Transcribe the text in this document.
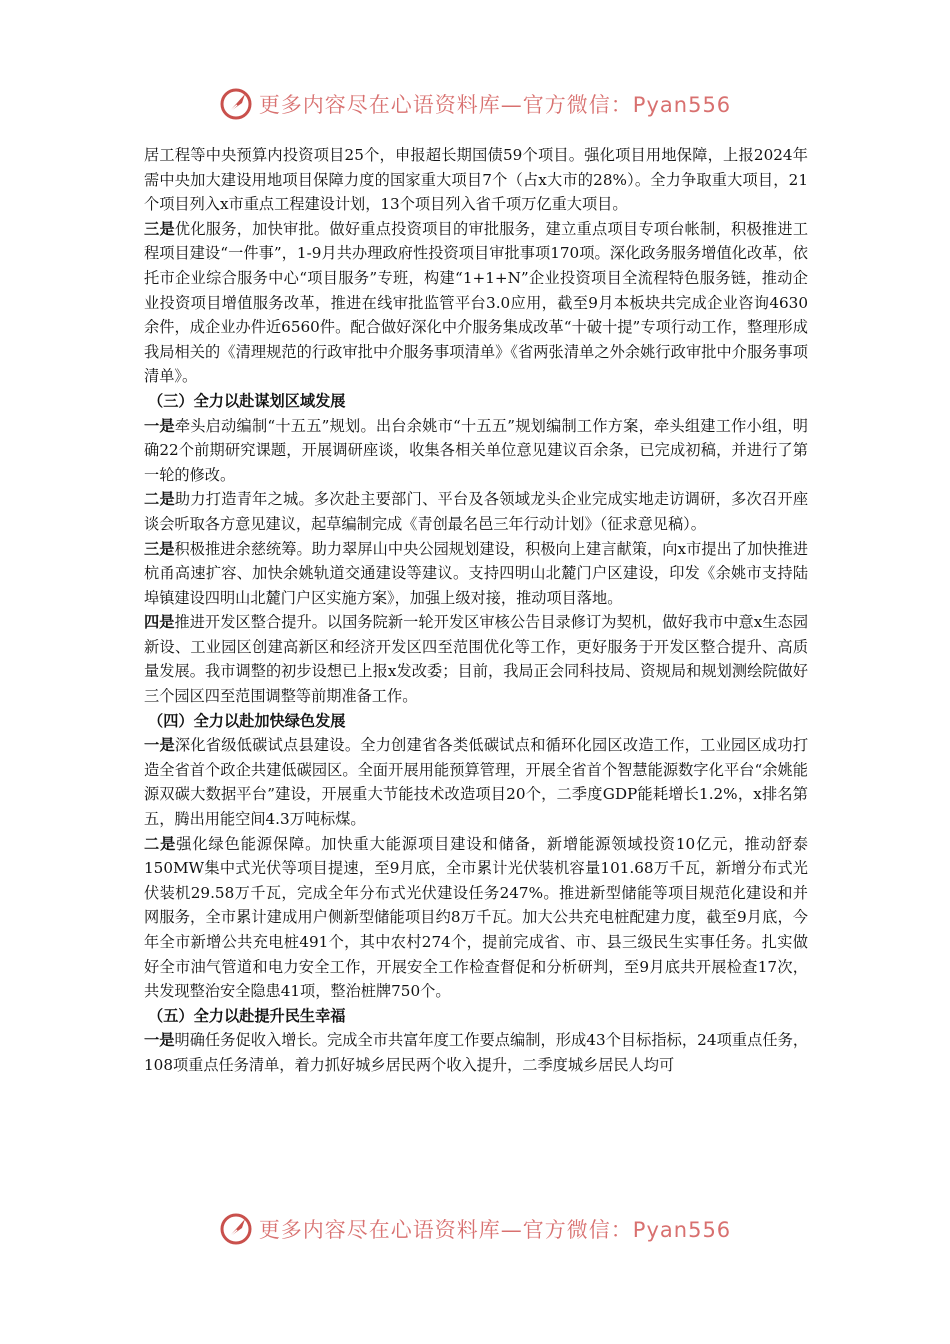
更多内容尽在心语资料库—官方微信：Pyan556

居工程等中央预算内投资项目25个，申报超长期国债59个项目。强化项目用地保障，上报2024年需中央加大建设用地项目保障力度的国家重大项目7个（占x大市的28%）。全力争取重大项目，21个项目列入x市重点工程建设计划，13个项目列入省千项万亿重大项目。

三是优化服务，加快审批。做好重点投资项目的审批服务，建立重点项目专项台帐制，积极推进工程项目建设“一件事”，1-9月共办理政府性投资项目审批事项170项。深化政务服务增值化改革，依托市企业综合服务中心“项目服务”专班，构建“1+1+N”企业投资项目全流程特色服务链，推动企业投资项目增值服务改革，推进在线审批监管平台3.0应用，截至9月本板块共完成企业咨询4630余件，成企业办件近6560件。配合做好深化中介服务集成改革“十破十提”专项行动工作，整理形成我局相关的《清理规范的行政审批中介服务事项清单》《省两张清单之外余姚行政审批中介服务事项清单》。

（三）全力以赴谋划区域发展

一是牵头启动编制“十五五”规划。出台余姚市“十五五”规划编制工作方案，牵头组建工作小组，明确22个前期研究课题，开展调研座谈，收集各相关单位意见建议百余条，已完成初稿，并进行了第一轮的修改。

二是助力打造青年之城。多次赴主要部门、平台及各领域龙头企业完成实地走访调研，多次召开座谈会听取各方意见建议，起草编制完成《青创最名邑三年行动计划》（征求意见稿）。

三是积极推进余慈统筹。助力翠屏山中央公园规划建设，积极向上建言献策，向x市提出了加快推进杭甬高速扩容、加快余姚轨道交通建设等建议。支持四明山北麓门户区建设，印发《余姚市支持陆埠镇建设四明山北麓门户区实施方案》，加强上级对接，推动项目落地。

四是推进开发区整合提升。以国务院新一轮开发区审核公告目录修订为契机，做好我市中意x生态园新设、工业园区创建高新区和经济开发区四至范围优化等工作，更好服务于开发区整合提升、高质量发展。我市调整的初步设想已上报x发改委；目前，我局正会同科技局、资规局和规划测绘院做好三个园区四至范围调整等前期准备工作。

（四）全力以赴加快绿色发展

一是深化省级低碳试点县建设。全力创建省各类低碳试点和循环化园区改造工作，工业园区成功打造全省首个政企共建低碳园区。全面开展用能预算管理，开展全省首个智慧能源数字化平台“余姚能源双碳大数据平台”建设，开展重大节能技术改造项目20个，二季度GDP能耗增长1.2%，x排名第五，腾出用能空间4.3万吨标煤。

二是强化绿色能源保障。加快重大能源项目建设和储备，新增能源领域投资10亿元，推动舒泰150MW集中式光伏等项目提速，至9月底，全市累计光伏装机容量101.68万千瓦，新增分布式光伏装机29.58万千瓦，完成全年分布式光伏建设任务247%。推进新型储能等项目规范化建设和并网服务，全市累计建成用户侧新型储能项目约8万千瓦。加大公共充电桩配建力度，截至9月底，今年全市新增公共充电桩491个，其中农村274个，提前完成省、市、县三级民生实事任务。扎实做好全市油气管道和电力安全工作，开展安全工作检查督促和分析研判，至9月底共开展检查17次，共发现整治安全隐患41项，整治桩牌750个。

（五）全力以赴提升民生幸福

一是明确任务促收入增长。完成全市共富年度工作要点编制，形成43个目标指标，24项重点任务，108项重点任务清单，着力抓好城乡居民两个收入提升，二季度城乡居民人均可

更多内容尽在心语资料库—官方微信：Pyan556
